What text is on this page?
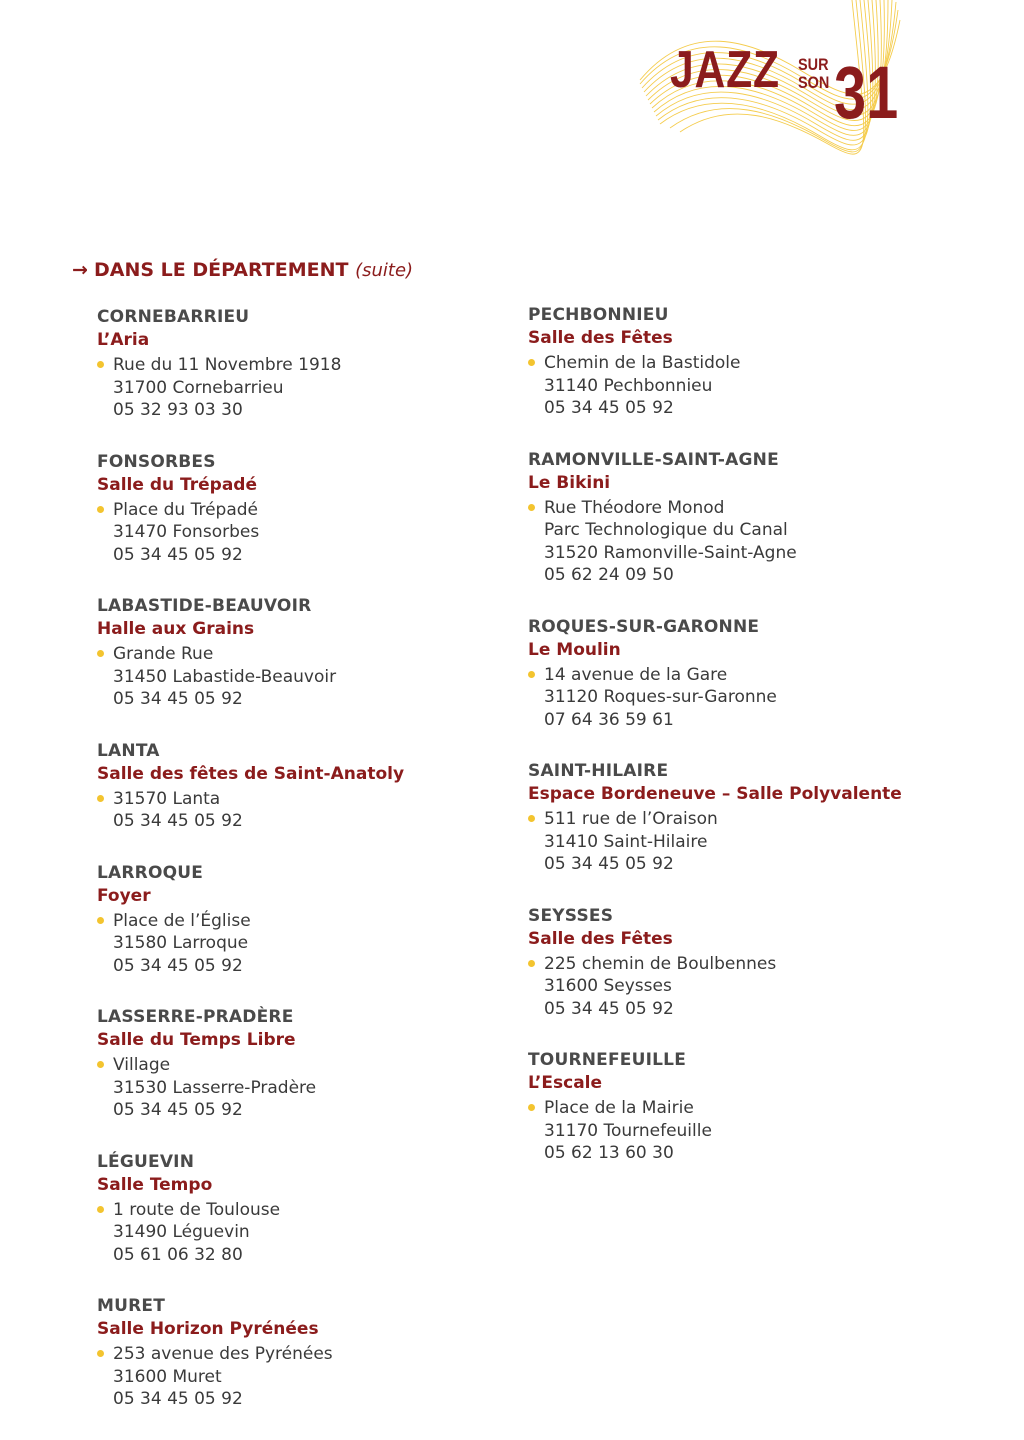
JAZZ SUR
SON 31
→ DANS LE DÉPARTEMENT (suite)
CORNEBARRIEU
L’Aria
Rue du 11 Novembre 1918
31700 Cornebarrieu
05 32 93 03 30
FONSORBES
Salle du Trépadé
Place du Trépadé
31470 Fonsorbes
05 34 45 05 92
LABASTIDE-BEAUVOIR
Halle aux Grains
Grande Rue
31450 Labastide-Beauvoir
05 34 45 05 92
LANTA
Salle des fêtes de Saint-Anatoly
31570 Lanta
05 34 45 05 92
LARROQUE
Foyer
Place de l’Église
31580 Larroque
05 34 45 05 92
LASSERRE-PRADÈRE
Salle du Temps Libre
Village
31530 Lasserre-Pradère
05 34 45 05 92
LÉGUEVIN
Salle Tempo
1 route de Toulouse
31490 Léguevin
05 61 06 32 80
MURET
Salle Horizon Pyrénées
253 avenue des Pyrénées
31600 Muret
05 34 45 05 92
PECHBONNIEU
Salle des Fêtes
Chemin de la Bastidole
31140 Pechbonnieu
05 34 45 05 92
RAMONVILLE-SAINT-AGNE
Le Bikini
Rue Théodore Monod
Parc Technologique du Canal
31520 Ramonville-Saint-Agne
05 62 24 09 50
ROQUES-SUR-GARONNE
Le Moulin
14 avenue de la Gare
31120 Roques-sur-Garonne
07 64 36 59 61
SAINT-HILAIRE
Espace Bordeneuve – Salle Polyvalente
511 rue de l’Oraison
31410 Saint-Hilaire
05 34 45 05 92
SEYSSES
Salle des Fêtes
225 chemin de Boulbennes
31600 Seysses
05 34 45 05 92
TOURNEFEUILLE
L’Escale
Place de la Mairie
31170 Tournefeuille
05 62 13 60 30
